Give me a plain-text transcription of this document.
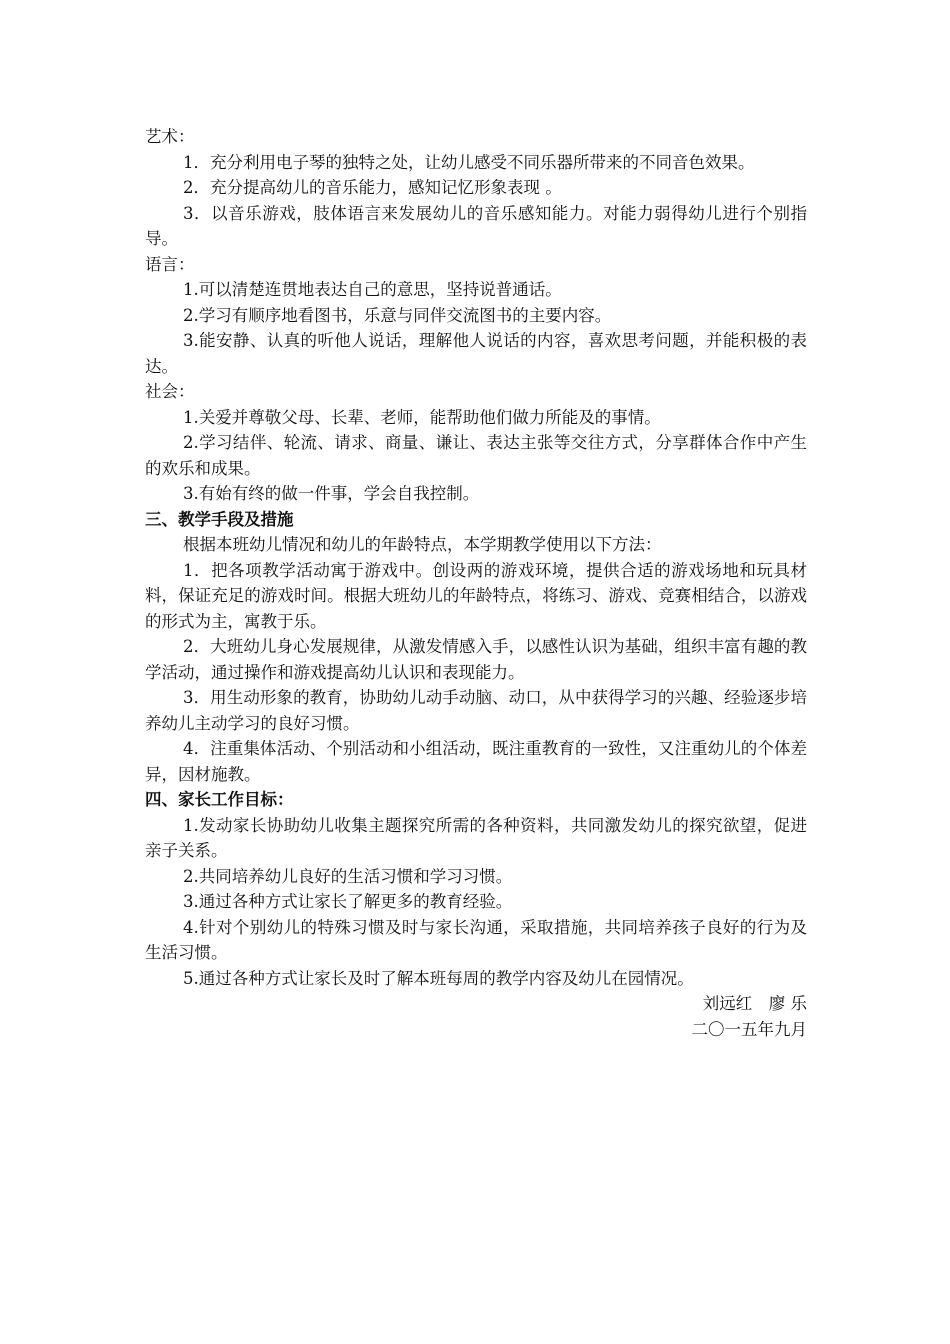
艺术：

1．充分利用电子琴的独特之处，让幼儿感受不同乐器所带来的不同音色效果。

2．充分提高幼儿的音乐能力，感知记忆形象表现 。

3．以音乐游戏，肢体语言来发展幼儿的音乐感知能力。对能力弱得幼儿进行个别指导。

语言：

1.可以清楚连贯地表达自己的意思，坚持说普通话。

2.学习有顺序地看图书，乐意与同伴交流图书的主要内容。

3.能安静、认真的听他人说话，理解他人说话的内容，喜欢思考问题，并能积极的表达。

社会：

1.关爱并尊敬父母、长辈、老师，能帮助他们做力所能及的事情。

2.学习结伴、轮流、请求、商量、谦让、表达主张等交往方式，分享群体合作中产生的欢乐和成果。

3.有始有终的做一件事，学会自我控制。

三、教学手段及措施

根据本班幼儿情况和幼儿的年龄特点，本学期教学使用以下方法：

1．把各项教学活动寓于游戏中。创设两的游戏环境，提供合适的游戏场地和玩具材料，保证充足的游戏时间。根据大班幼儿的年龄特点，将练习、游戏、竞赛相结合，以游戏的形式为主，寓教于乐。

2．大班幼儿身心发展规律，从激发情感入手，以感性认识为基础，组织丰富有趣的教学活动，通过操作和游戏提高幼儿认识和表现能力。

3．用生动形象的教育，协助幼儿动手动脑、动口，从中获得学习的兴趣、经验逐步培养幼儿主动学习的良好习惯。

4．注重集体活动、个别活动和小组活动，既注重教育的一致性，又注重幼儿的个体差异，因材施教。

四、家长工作目标：

1.发动家长协助幼儿收集主题探究所需的各种资料，共同激发幼儿的探究欲望，促进亲子关系。

2.共同培养幼儿良好的生活习惯和学习习惯。

3.通过各种方式让家长了解更多的教育经验。

4.针对个别幼儿的特殊习惯及时与家长沟通，采取措施，共同培养孩子良好的行为及生活习惯。

5.通过各种方式让家长及时了解本班每周的教学内容及幼儿在园情况。

刘远红　廖 乐

二〇一五年九月
